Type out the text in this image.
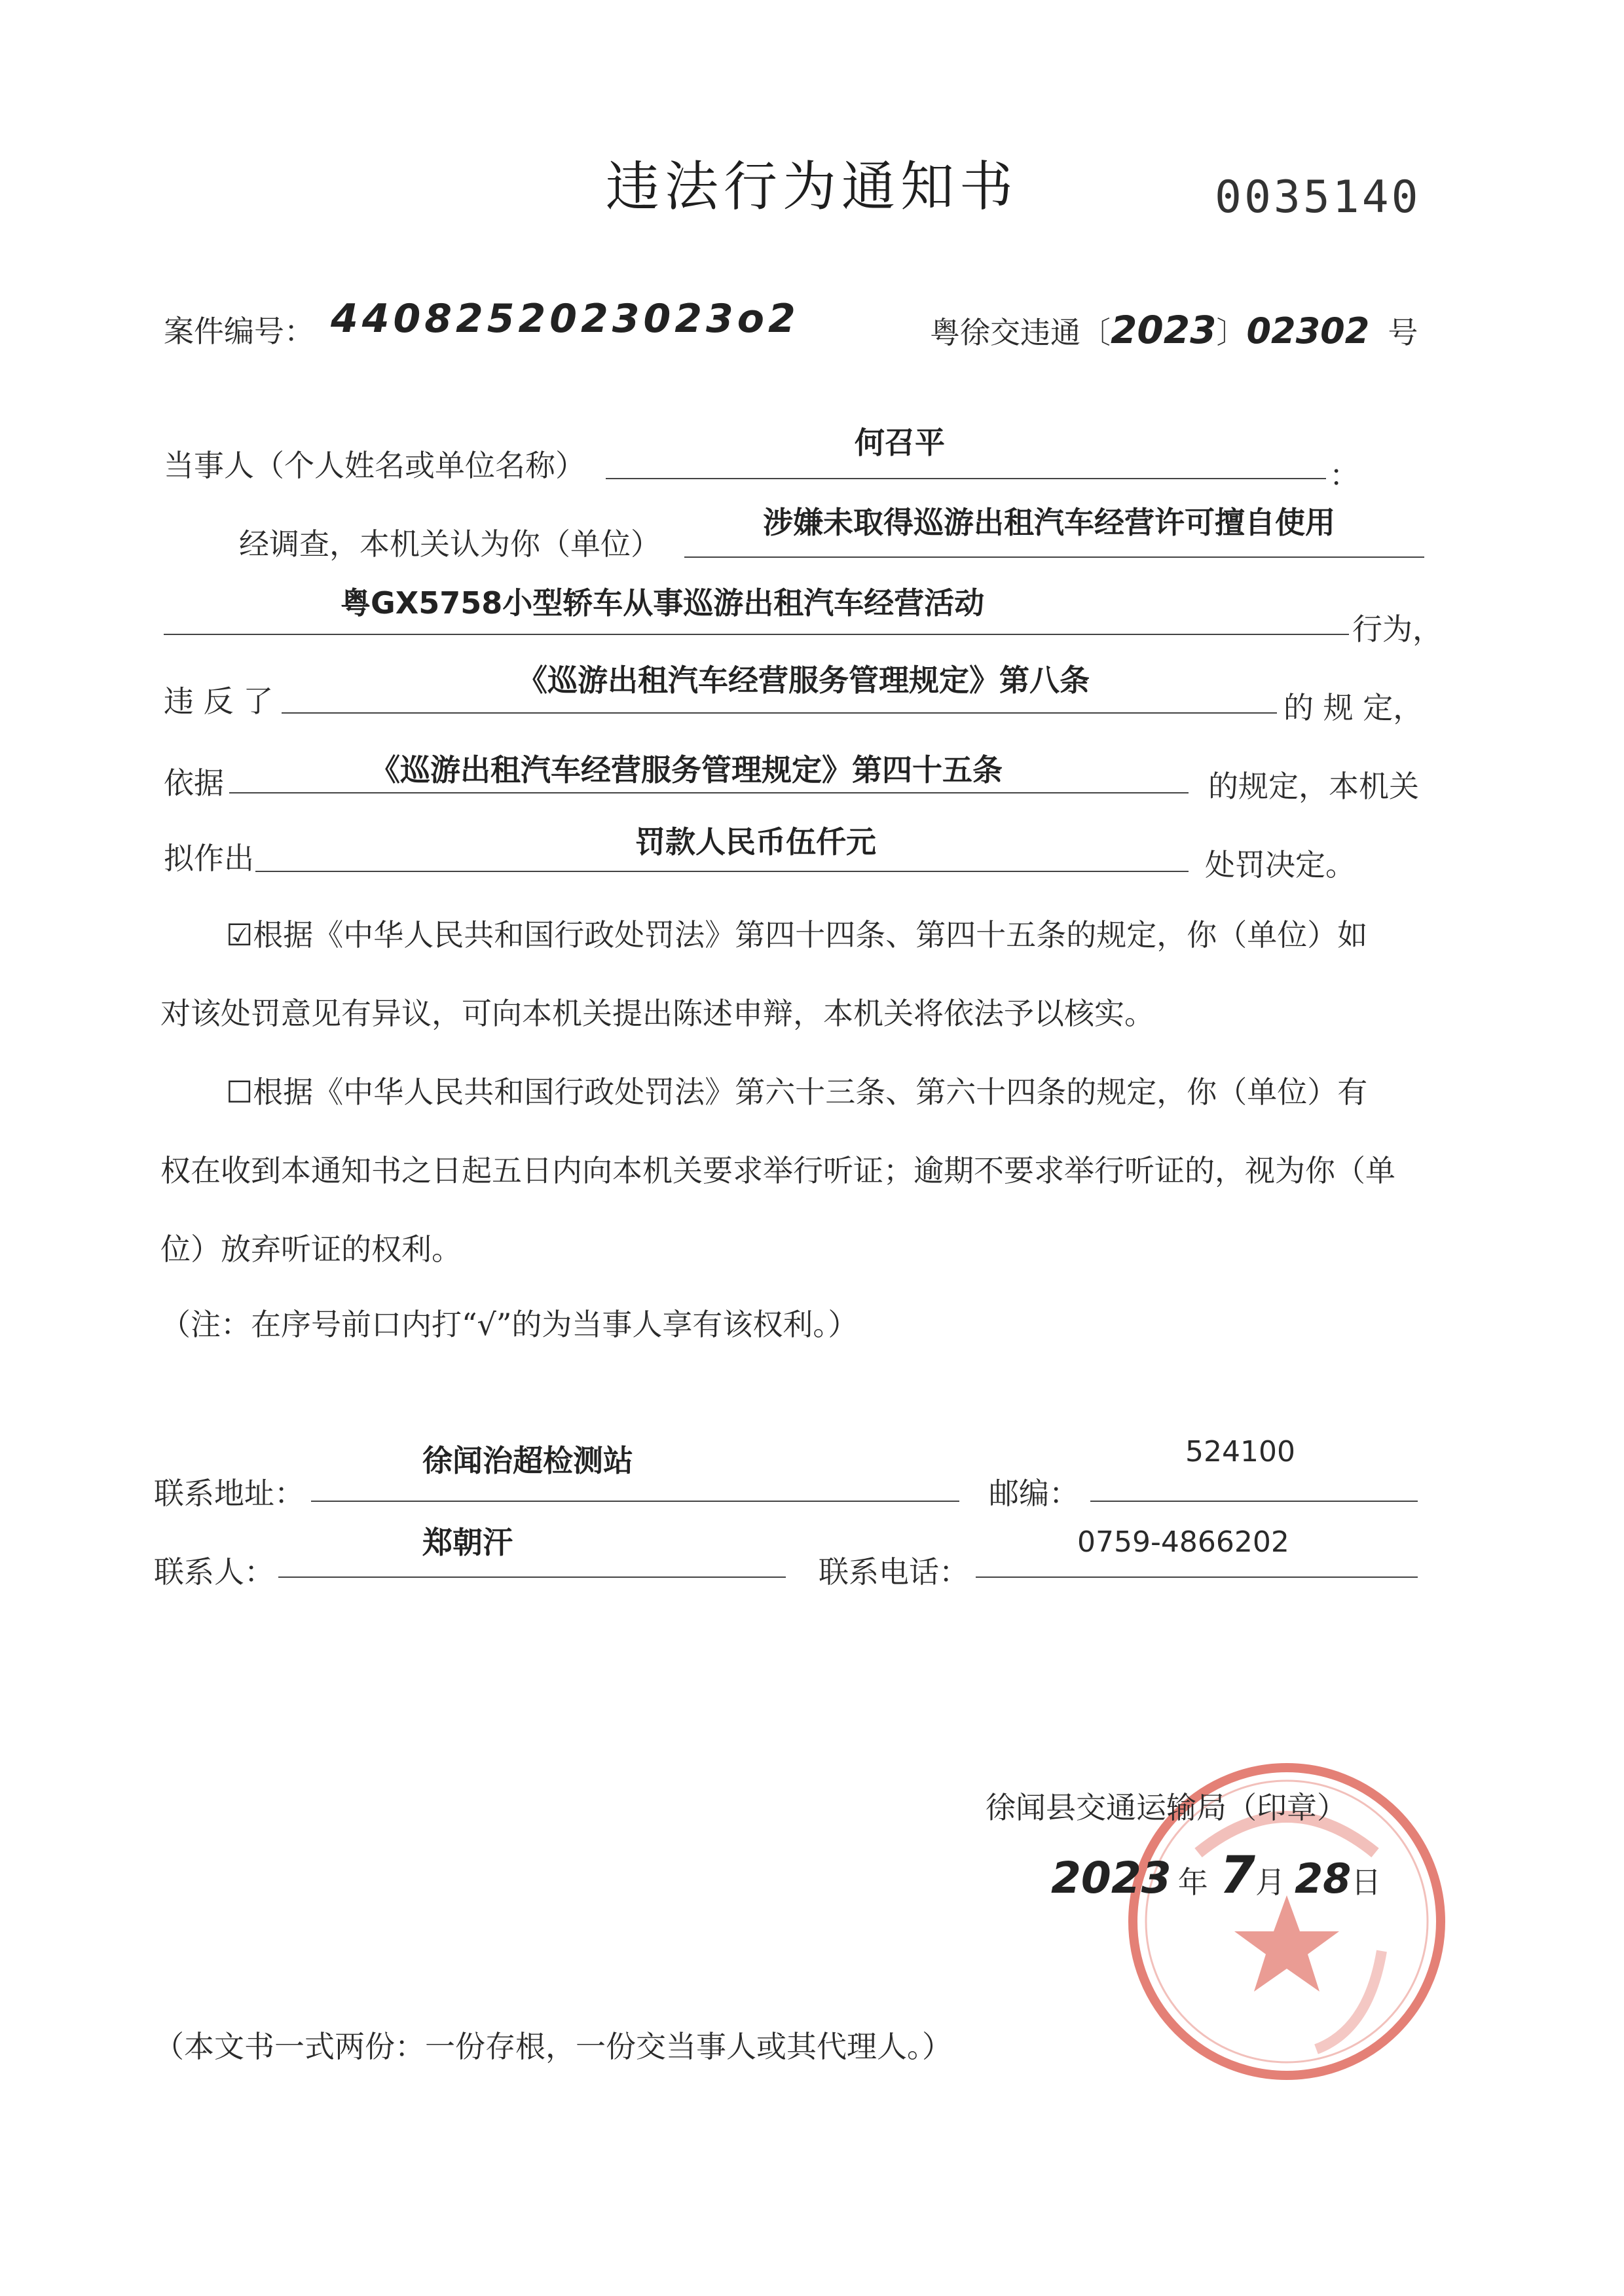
违法行为通知书	0035140
案件编号： 4408252023023o2	粤徐交违通〔2023〕02302 号
当事人（个人姓名或单位名称）
何召平
：
经调查，本机关认为你（单位）
涉嫌未取得巡游出租汽车经营许可擅自使用
粤GX5758小型轿车从事巡游出租汽车经营活动
行为，
违 反 了
《巡游出租汽车经营服务管理规定》第八条
的 规 定，
依据	《巡游出租汽车经营服务管理规定》第四十五条	的规定，本机关
拟作出	罚款人民币伍仟元
处罚决定。
☑根据《中华人民共和国行政处罚法》第四十四条、第四十五条的规定，你（单位）如
对该处罚意见有异议，可向本机关提出陈述申辩，本机关将依法予以核实。
☐根据《中华人民共和国行政处罚法》第六十三条、第六十四条的规定，你（单位）有
权在收到本通知书之日起五日内向本机关要求举行听证；逾期不要求举行听证的，视为你（单
位）放弃听证的权利。
（注：在序号前口内打“√”的为当事人享有该权利。）
联系地址：
徐闻治超检测站
邮编：
524100
联系人：
郑朝汗
联系电话：
0759-4866202
徐闻县交通运输局（印章）
2023 年 7月 28日
（本文书一式两份：一份存根，一份交当事人或其代理人。）
